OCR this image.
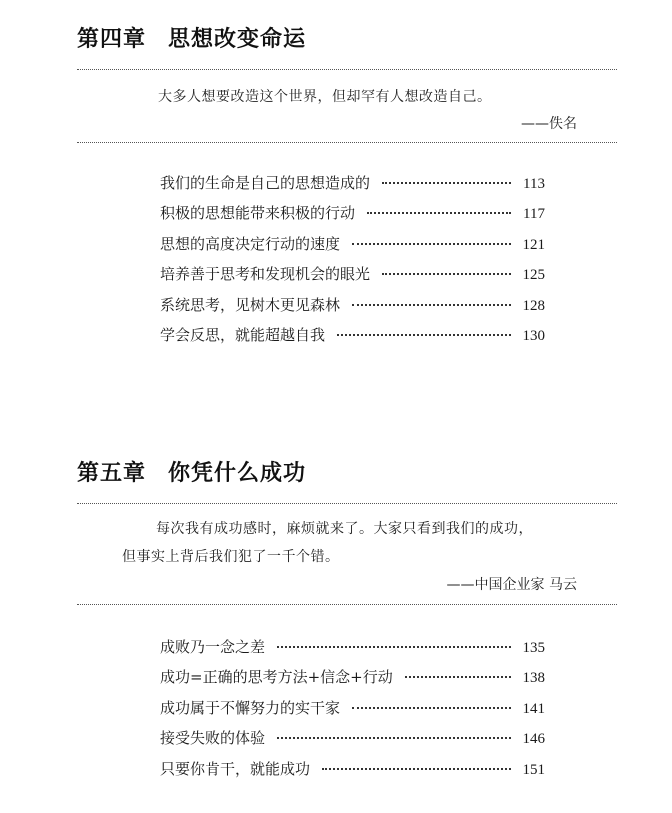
第四章 思想改变命运
大多人想要改造这个世界，但却罕有人想改造自己。
——佚名
我们的生命是自己的思想造成的	113
积极的思想能带来积极的行动	117
思想的高度决定行动的速度	121
培养善于思考和发现机会的眼光	125
系统思考，见树木更见森林	128
学会反思，就能超越自我	130
第五章 你凭什么成功
每次我有成功感时，麻烦就来了。大家只看到我们的成功，
但事实上背后我们犯了一千个错。
——中国企业家 马云
成败乃一念之差	135
成功=正确的思考方法+信念+行动	138
成功属于不懈努力的实干家	141
接受失败的体验	146
只要你肯干，就能成功	151
